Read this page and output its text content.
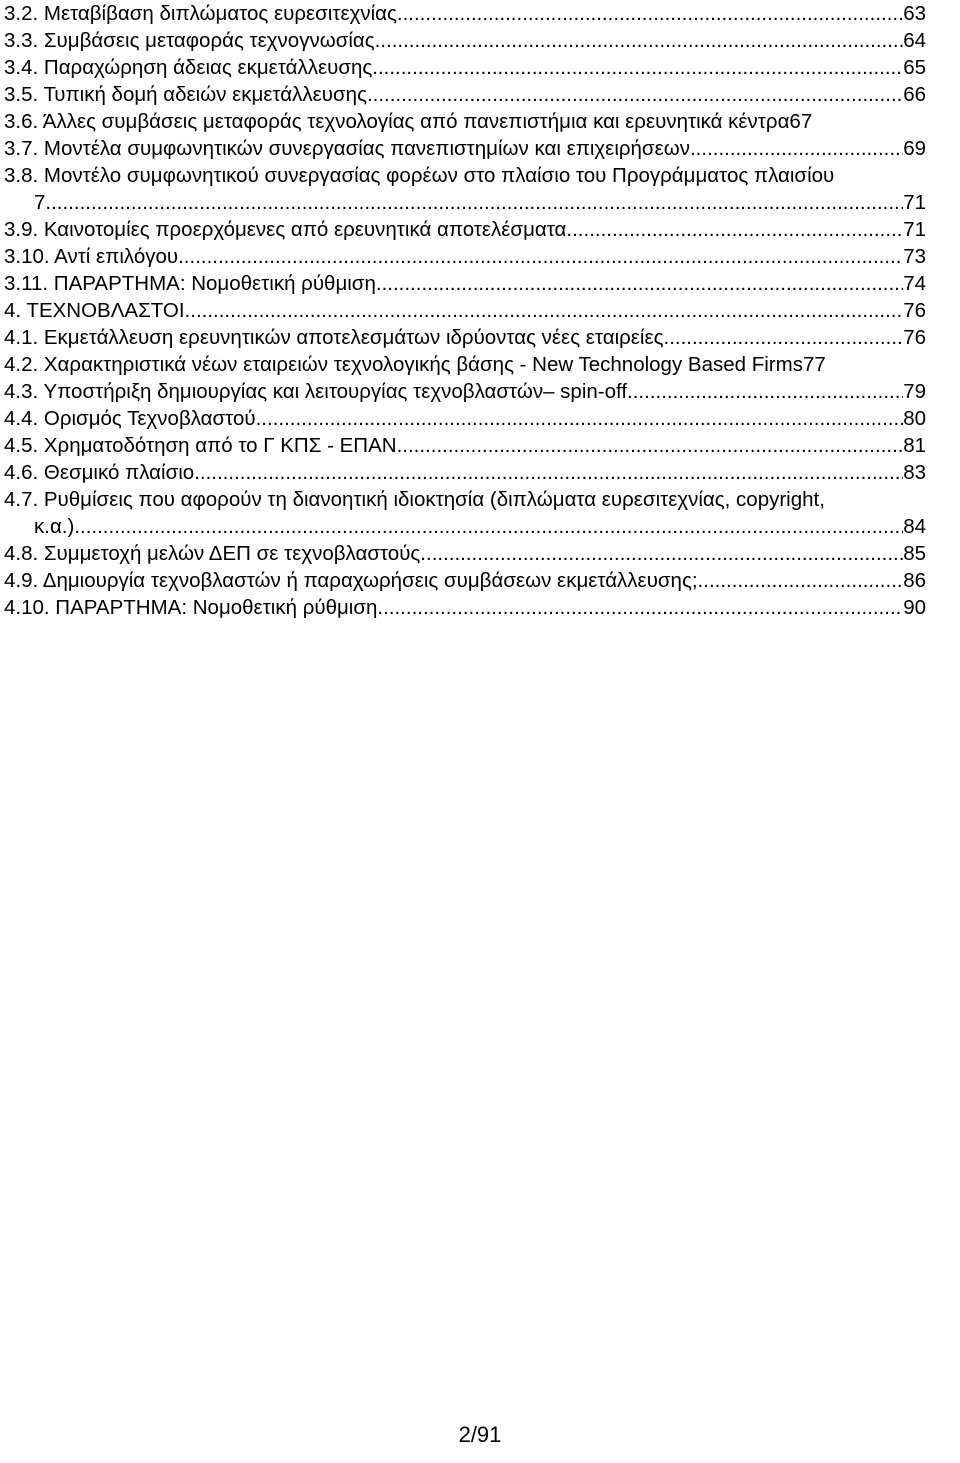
3.2. Μεταβίβαση διπλώματος ευρεσιτεχνίας. .....	63
3.3. Συμβάσεις μεταφοράς τεχνογνωσίας .....	64
3.4. Παραχώρηση άδειας εκμετάλλευσης .....	65
3.5. Τυπική δομή αδειών εκμετάλλευσης .....	66
3.6. Άλλες συμβάσεις μεταφοράς τεχνολογίας από πανεπιστήμια και ερευνητικά κέντρα 67
3.7. Μοντέλα συμφωνητικών συνεργασίας πανεπιστημίων και επιχειρήσεων .....	69
3.8. Μοντέλο συμφωνητικού συνεργασίας φορέων στο πλαίσιο του Προγράμματος πλαισίου
7. .....	71
3.9. Καινοτομίες προερχόμενες από ερευνητικά αποτελέσματα. .....	71
3.10. Αντί επιλόγου .....	73
3.11. ΠΑΡΑΡΤΗΜΑ: Νομοθετική ρύθμιση .....	74
4. ΤΕΧΝΟΒΛΑΣΤΟΙ .....	76
4.1. Εκμετάλλευση ερευνητικών αποτελεσμάτων ιδρύοντας νέες εταιρείες .....	76
4.2. Χαρακτηριστικά νέων εταιρειών τεχνολογικής βάσης - New Technology Based Firms 77
4.3. Υποστήριξη δημιουργίας και λειτουργίας τεχνοβλαστών– spin-off .....	79
4.4. Ορισμός Τεχνοβλαστού .....	80
4.5. Χρηματοδότηση από το Γ ΚΠΣ - ΕΠΑΝ .....	81
4.6. Θεσμικό πλαίσιο .....	83
4.7. Ρυθμίσεις που αφορούν τη διανοητική ιδιοκτησία (διπλώματα ευρεσιτεχνίας, copyright,
κ.α.) .....	84
4.8. Συμμετοχή μελών ΔΕΠ σε τεχνοβλαστούς .....	85
4.9. Δημιουργία τεχνοβλαστών ή παραχωρήσεις συμβάσεων εκμετάλλευσης; .....	86
4.10. ΠΑΡΑΡΤΗΜΑ: Νομοθετική ρύθμιση .....	90
2/91
